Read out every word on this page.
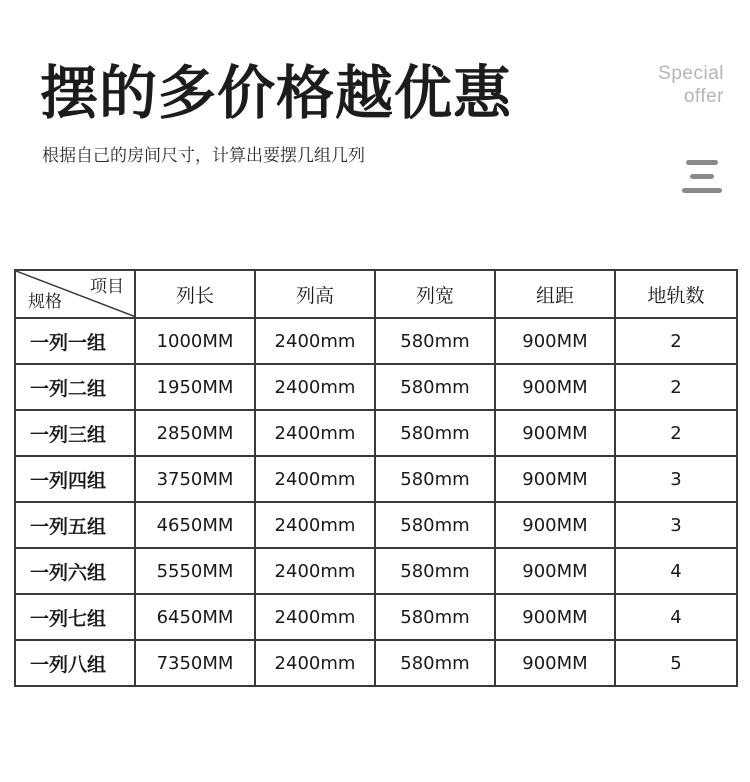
摆的多价格越优惠
根据自己的房间尺寸，计算出要摆几组几列
Special
offer
项目
规格	列长	列高	列宽	组距	地轨数
一列一组	1000MM	2400mm	580mm	900MM	2
一列二组	1950MM	2400mm	580mm	900MM	2
一列三组	2850MM	2400mm	580mm	900MM	2
一列四组	3750MM	2400mm	580mm	900MM	3
一列五组	4650MM	2400mm	580mm	900MM	3
一列六组	5550MM	2400mm	580mm	900MM	4
一列七组	6450MM	2400mm	580mm	900MM	4
一列八组	7350MM	2400mm	580mm	900MM	5
